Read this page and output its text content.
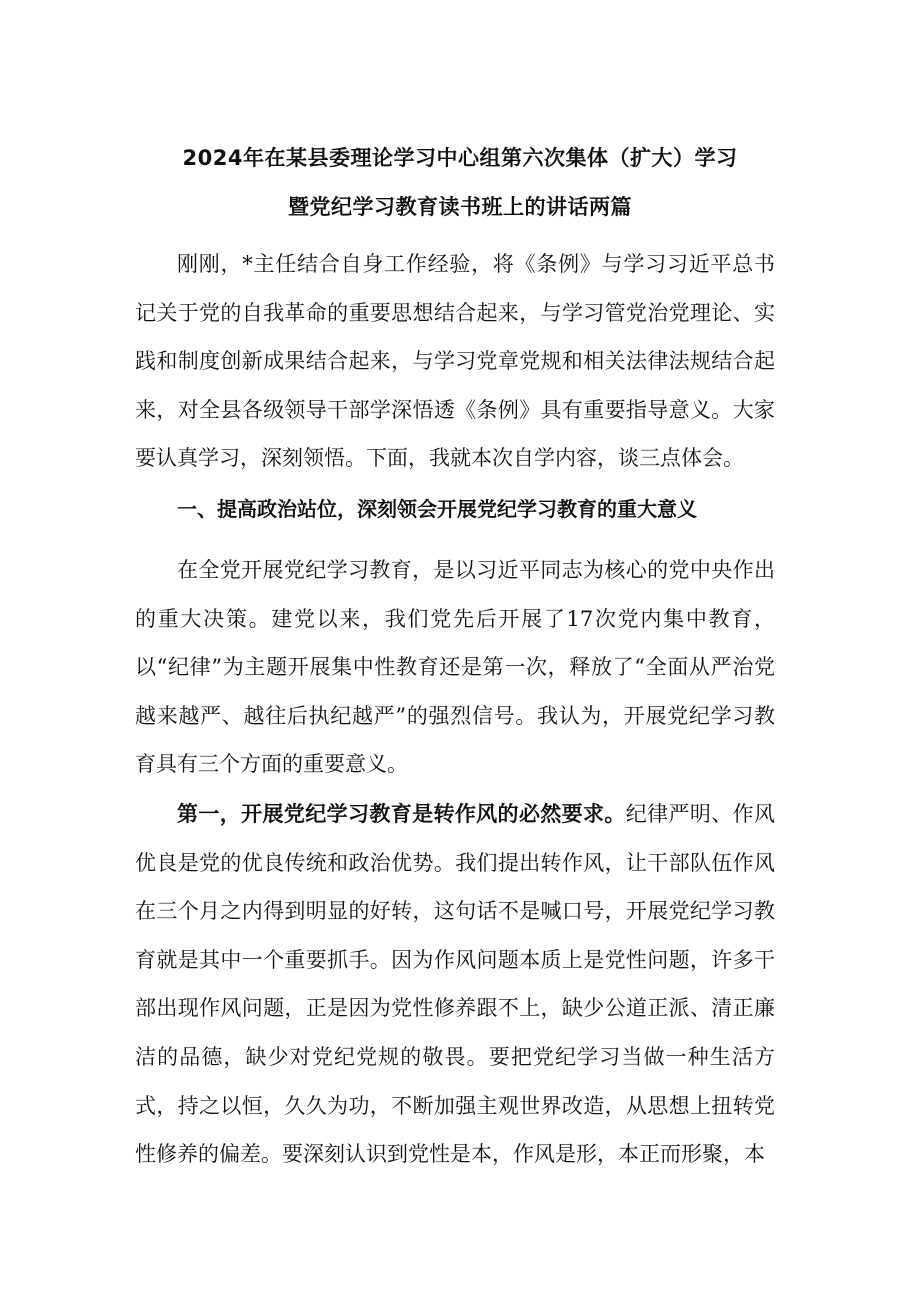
2024年在某县委理论学习中心组第六次集体（扩大）学习
暨党纪学习教育读书班上的讲话两篇

刚刚，*主任结合自身工作经验，将《条例》与学习习近平总书记关于党的自我革命的重要思想结合起来，与学习管党治党理论、实践和制度创新成果结合起来，与学习党章党规和相关法律法规结合起来，对全县各级领导干部学深悟透《条例》具有重要指导意义。大家要认真学习，深刻领悟。下面，我就本次自学内容，谈三点体会。

一、提高政治站位，深刻领会开展党纪学习教育的重大意义

在全党开展党纪学习教育，是以习近平同志为核心的党中央作出的重大决策。建党以来，我们党先后开展了17次党内集中教育，以“纪律”为主题开展集中性教育还是第一次，释放了“全面从严治党越来越严、越往后执纪越严”的强烈信号。我认为，开展党纪学习教育具有三个方面的重要意义。

第一，开展党纪学习教育是转作风的必然要求。纪律严明、作风优良是党的优良传统和政治优势。我们提出转作风，让干部队伍作风在三个月之内得到明显的好转，这句话不是喊口号，开展党纪学习教育就是其中一个重要抓手。因为作风问题本质上是党性问题，许多干部出现作风问题，正是因为党性修养跟不上，缺少公道正派、清正廉洁的品德，缺少对党纪党规的敬畏。要把党纪学习当做一种生活方式，持之以恒，久久为功，不断加强主观世界改造，从思想上扭转党性修养的偏差。要深刻认识到党性是本，作风是形，本正而形聚，本
